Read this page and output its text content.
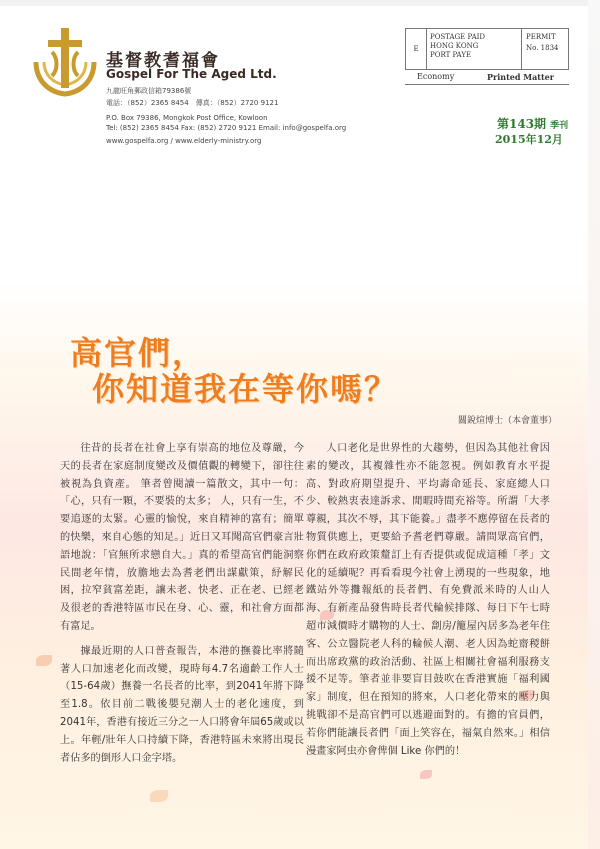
基督教耆福會
Gospel For The Aged Ltd.
九龍旺角郵政信箱79386號
電話：（852）2365 8454　傳真：（852）2720 9121
P.O. Box 79386, Mongkok Post Office, Kowloon
Tel: (852) 2365 8454 Fax: (852) 2720 9121 Email: info@gospelfa.org
www.gospelfa.org / www.elderly-ministry.org
E
POSTAGE PAID
HONG KONG
PORT PAYE
PERMIT
No. 1834
Economy	Printed Matter
第143期 季刊
2015年12月
高官們，
你知道我在等你嗎？
關銳煊博士（本會董事）

往昔的長者在社會上享有崇高的地位及尊嚴，今天的長者在家庭制度變改及價值觀的轉變下，卻往往被視為負資產。 筆者曾閱讀一篇散文，其中一句：「心，只有一顆，不要裝的太多； 人，只有一生，不要追逐的太緊。心靈的愉悅，來自精神的富有；簡單的快樂，來自心態的知足。」近日又耳聞高官們豪言壯語地說：「官無所求戀自大。」真的希望高官們能洞察民間老年情，放膽地去為耆老們出謀獻策，紓解民困，拉窄貧富差距，讓未老、快老、正在老、已經老及很老的香港特區市民在身、心、靈，和社會方面都有富足。

據最近期的人口普查報告，本港的撫養比率將隨著人口加速老化而改變，現時每4.7名適齡工作人士（15-64歲）撫養一名長者的比率，到2041年將下降至1.8。依目前二戰後嬰兒潮人士的老化速度，到2041年，香港有接近三分之一人口將會年屆65歲或以上。年輕/壯年人口持續下降，香港特區未來將出現長者佔多的倒形人口金字塔。

人口老化是世界性的大趨勢，但因為其他社會因素的變改，其複雜性亦不能忽視。例如教育水平提高、對政府期望提升、平均壽命延長、家庭總人口少、較熱衷表達訴求、閒暇時間充裕等。所謂「大孝尊親，其次不辱，其下能養。」盡孝不應停留在長者的物質供應上，更要給予耆老們尊嚴。請問眾高官們，你們在政府政策釐訂上有否提供或促成這種「孝」文化的延續呢？再看看現今社會上湧現的一些現象，地鐵站外等攤報紙的長者們、有免費派米時的人山人海、有新產品發售時長者代輪候排隊、每日下午七時超市減價時才購物的人士、劏房/籠屋內居多為老年住客、公立醫院老人科的輪候人潮、老人因為蛇齋稯餅而出席政黨的政治活動、社區上相關社會福利服務支援不足等。筆者並非要盲目鼓吹在香港實施「福利國家」制度，但在預知的將來，人口老化帶來的壓力與挑戰卻不是高官們可以逃避面對的。有擔的官員們，若你們能讓長者們「面上笑容在，福氣自然來。」相信漫畫家阿虫亦會俾個 Like 你們的！
